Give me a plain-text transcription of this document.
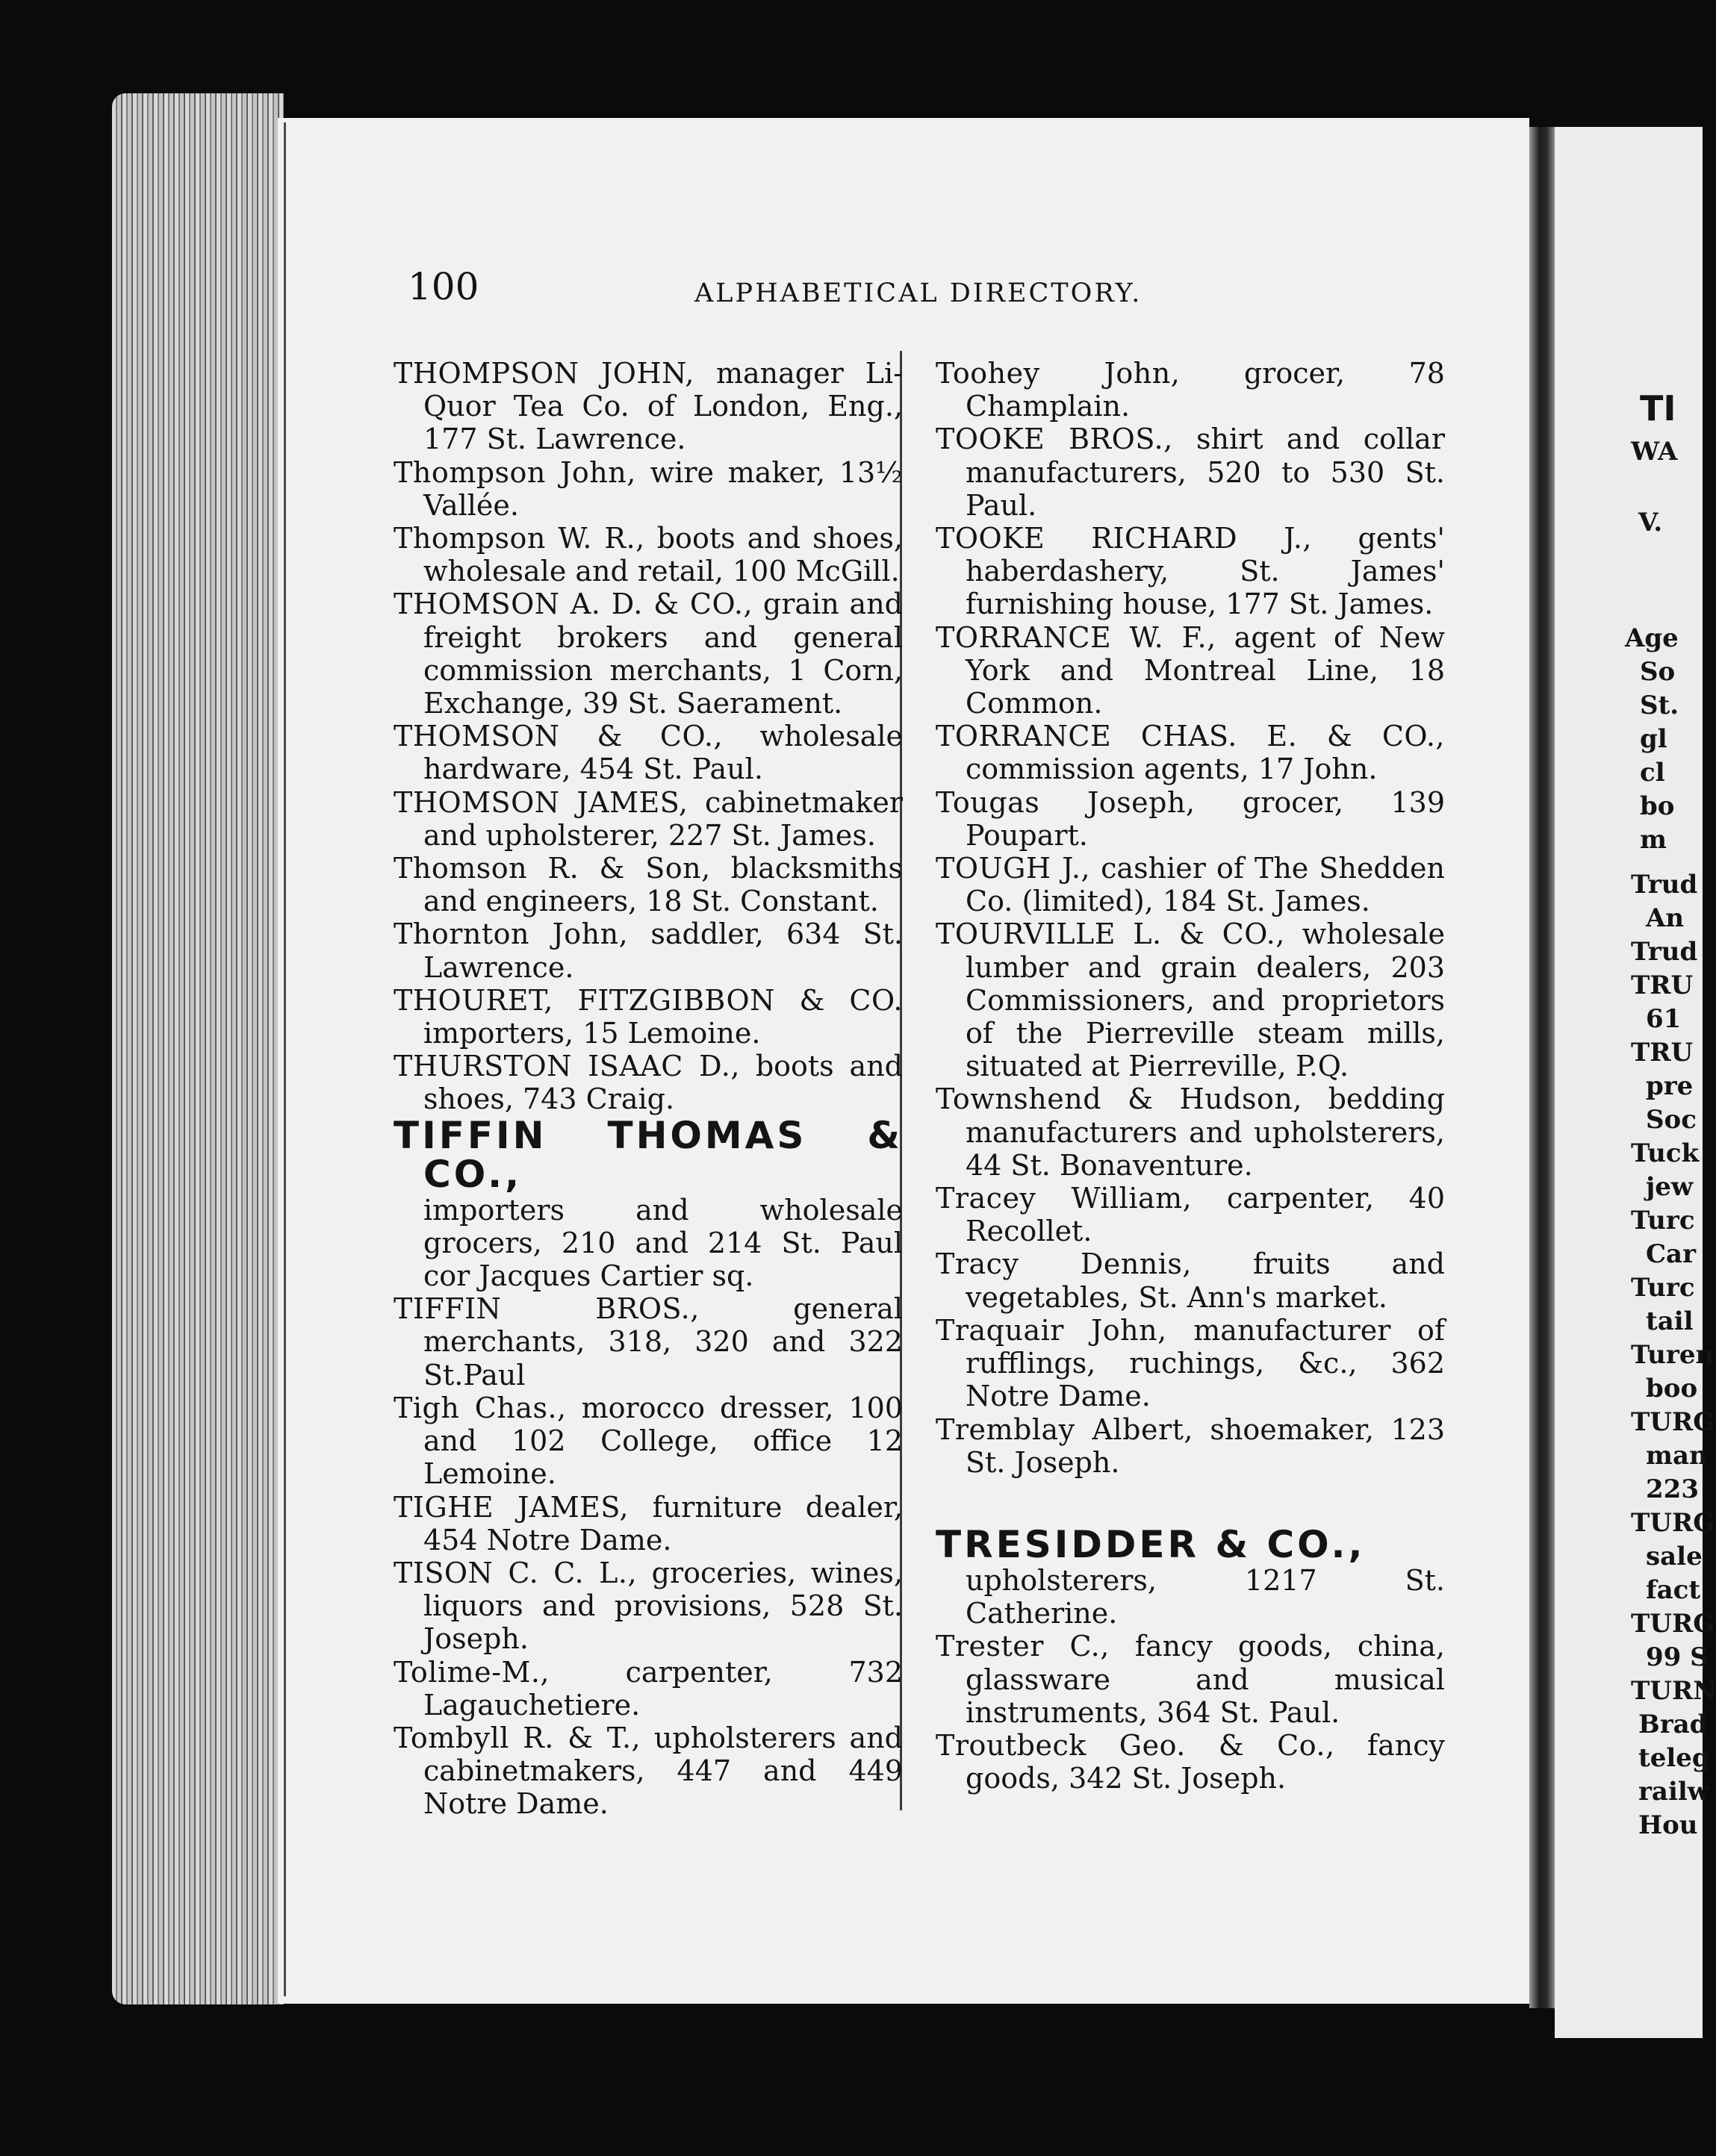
TI
WA
V.
Age
So
St.
gl
cl
bo
m
Trud
An
Trud
TRU
61
TRU
pre
Soc
Tuck
jew
Turc
Car
Turc
tail
Turen
boo
TURG
man
223
TURG
sale
fact
TURG
99 S
TURN
Brad
teleg
railw
Hou
100	ALPHABETICAL DIRECTORY.

THOMPSON JOHN, manager Li-Quor Tea Co. of London, Eng., 177 St. Lawrence.

Thompson John, wire maker, 13½ Vallée.

Thompson W. R., boots and shoes, wholesale and retail, 100 McGill.

THOMSON A. D. & CO., grain and freight brokers and general commission merchants, 1 Corn, Exchange, 39 St. Saerament.

THOMSON & CO., wholesale hardware, 454 St. Paul.

THOMSON JAMES, cabinetmaker and upholsterer, 227 St. James.

Thomson R. & Son, blacksmiths and engineers, 18 St. Constant.

Thornton John, saddler, 634 St. Lawrence.

THOURET, FITZGIBBON & CO. importers, 15 Lemoine.

THURSTON ISAAC D., boots and shoes, 743 Craig.

TIFFIN THOMAS & CO.,
importers and wholesale grocers, 210 and 214 St. Paul cor Jacques Cartier sq.

TIFFIN BROS., general merchants, 318, 320 and 322 St.Paul

Tigh Chas., morocco dresser, 100 and 102 College, office 12 Lemoine.

TIGHE JAMES, furniture dealer, 454 Notre Dame.

TISON C. C. L., groceries, wines, liquors and provisions, 528 St. Joseph.

Tolime-M., carpenter, 732 Lagauchetiere.

Tombyll R. & T., upholsterers and cabinetmakers, 447 and 449 Notre Dame.

Toohey John, grocer, 78 Champlain.

TOOKE BROS., shirt and collar manufacturers, 520 to 530 St. Paul.

TOOKE RICHARD J., gents' haberdashery, St. James' furnishing house, 177 St. James.

TORRANCE W. F., agent of New York and Montreal Line, 18 Common.

TORRANCE CHAS. E. & CO., commission agents, 17 John.

Tougas Joseph, grocer, 139 Poupart.

TOUGH J., cashier of The Shedden Co. (limited), 184 St. James.

TOURVILLE L. & CO., wholesale lumber and grain dealers, 203 Commissioners, and proprietors of the Pierreville steam mills, situated at Pierreville, P.Q.

Townshend & Hudson, bedding manufacturers and upholsterers, 44 St. Bonaventure.

Tracey William, carpenter, 40 Recollet.

Tracy Dennis, fruits and vegetables, St. Ann's market.

Traquair John, manufacturer of rufflings, ruchings, &c., 362 Notre Dame.

Tremblay Albert, shoemaker, 123 St. Joseph.

TRESIDDER & CO.,
upholsterers, 1217 St. Catherine.

Trester C., fancy goods, china, glassware and musical instruments, 364 St. Paul.

Troutbeck Geo. & Co., fancy goods, 342 St. Joseph.
